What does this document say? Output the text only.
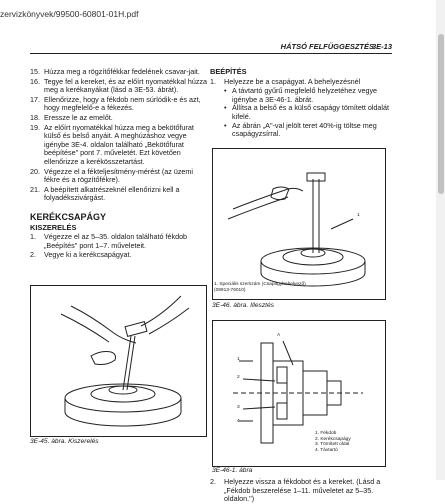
zervizkönyvek/99500-60801-01H.pdf
HÁTSÓ FELFÜGGESZTÉS
3E-13
15. Húzza meg a rögzítőfékkar fedelének csavar-jait.
16. Tegye fel a kereket, és az előírt nyomatékkal húzza meg a kerékanyákat (lásd a 3E-53. ábrát).
17. Ellenőrizze, hogy a fékdob nem súrlódik-e és azt, hogy megfelelő-e a fékezés.
18. Eressze le az emelőt.
19. Az előírt nyomatékkal húzza meg a bekötőfurat külső és belső anyáit. A meghúzáshoz vegye igénybe 3E-4. oldalon található „Bekötőfurat beépítése" pont 7. műveletét. Ezt követően ellenőrizze a kerékösszetartást.
20. Végezze el a fékteljesítmény-mérést (az üzemi fékre és a rögzítőfékre).
21. A beépített alkatrészeknél ellenőrizni kell a folyadékszivárgást.
KERÉKCSAPÁGY
KISZERELÉS
1.	Végezze el az 5–35. oldalon található fékdob „Beépítés" pont 1–7. műveleteit.
2.	Vegye ki a kerékcsapágyat.
3E-45. ábra. Kiszerelés
BEÉPÍTÉS
1.	Helyezze be a csapágyat. A behelyezésnél
• A távtartó gyűrű megfelelő helyzetéhez vegye igénybe a 3E-46-1. ábrát.
• Állítsa a belső és a külső csapágy tömített oldalát kifelé.
• Az ábrán „A"-val jelölt teret 40%-ig töltse meg csapágyzsírral.
1
1. Speciális szerszám (Csapágybehelyező) (09913-76010)
3E-46. ábra. Illesztés
A
1
2
3
4
1. Fékdob
2. Kerékcsapágy
3. Tömített oldal
4. Távtartó
3E-46-1. ábra
2.	Helyezze vissza a fékdobot és a kereket. (Lásd a „Fékdob beszerelése 1–11. műveletet az 5–35. oldalon.")
